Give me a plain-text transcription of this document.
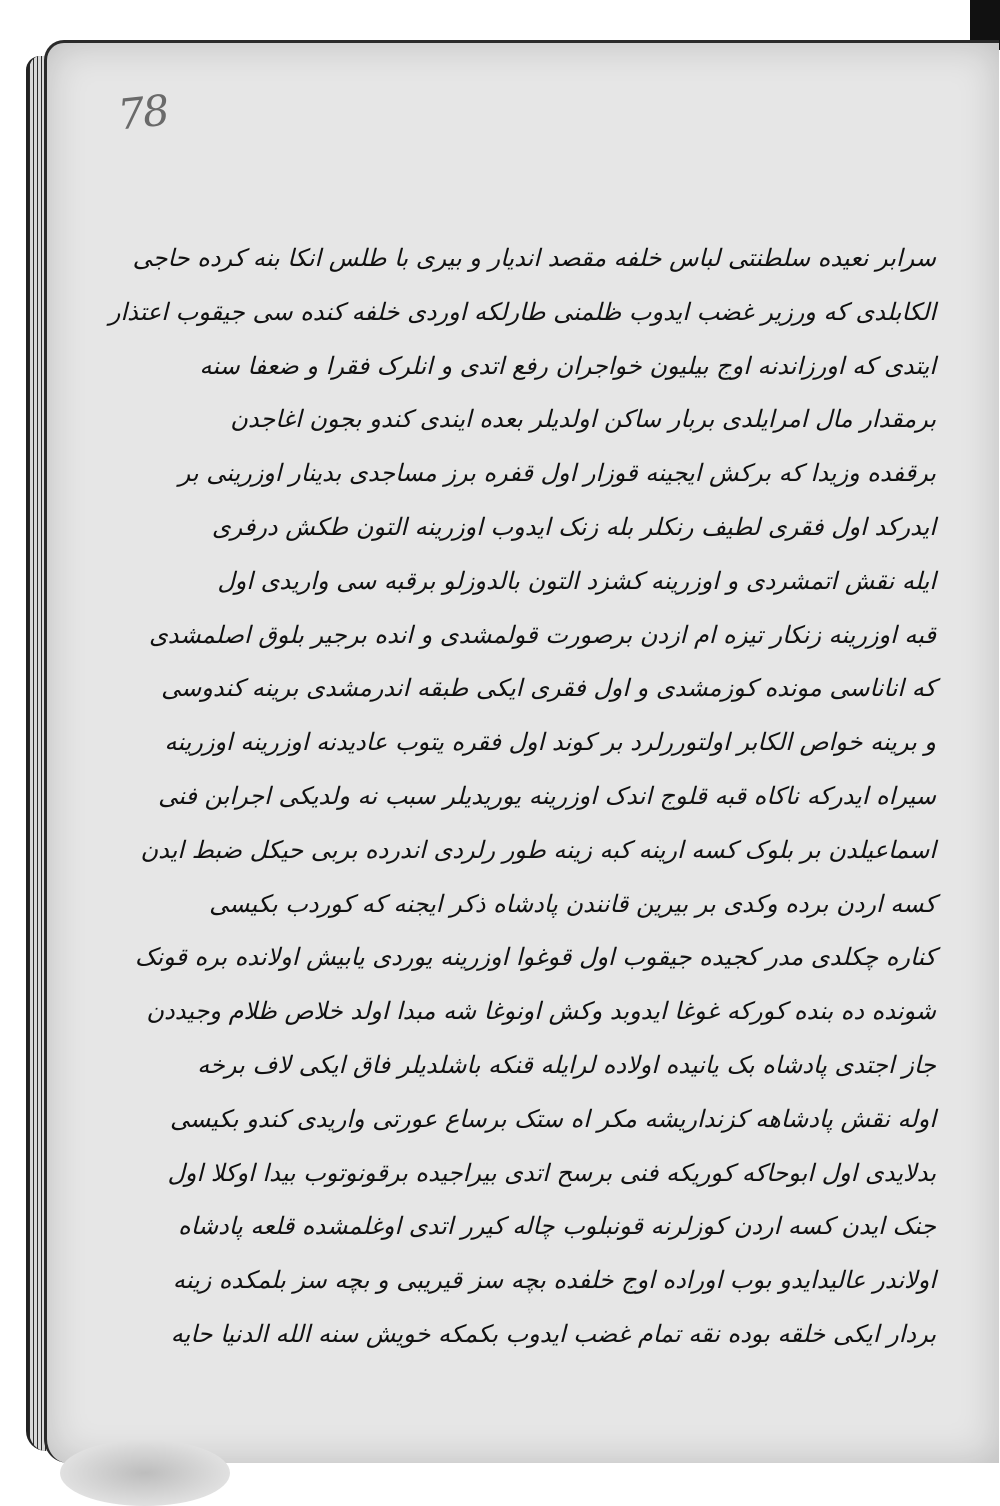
78
سرابر نعیده سلطنتی لباس خلفه مقصد اندیار و بیری با طلس انکا بنه کرده حاجی
الکابلدی که ورزیر غضب ایدوب ظلمنی طارلکه اوردی خلفه کنده سی جیقوب اعتذار
ایتدی که اورزاندنه اوج بیلیون خواجران رفع اتدی و انلرک فقرا و ضعفا سنه
برمقدار مال امرایلدی بربار ساکن اولدیلر بعده ایندی کندو بجون اغاجدن
برقفده وزیدا که برکش ایجینه قوزار اول قفره برز مساجدی بدینار اوزرینی بر
ایدرکد اول فقری لطیف رنکلر بله زنک ایدوب اوزرینه التون طکش درفری
ایله نقش اتمشردی و اوزرینه کشزد التون بالدوزلو برقبه سی واریدی اول
قبه اوزرینه زنکار تیزه ام ازدن برصورت قولمشدی و انده برجیر بلوق اصلمشدی
که اناناسی مونده کوزمشدی و اول فقری ایکی طبقه اندرمشدی برینه کندوسی
و برینه خواص الکابر اولتوررلرد بر کوند اول فقره یتوب عادیدنه اوزرینه اوزرینه
سیراه ایدرکه ناکاه قبه قلوج اندک اوزرینه یوریدیلر سبب نه ولدیکی اجرابن فنی
اسماعیلدن بر بلوک کسه ارینه کبه زینه طور رلردی اندرده بربی حیکل ضبط ایدن
کسه اردن برده وکدی بر بیرین قانندن پادشاه ذکر ایجنه که کوردب بکیسی
کناره چکلدی مدر کجیده جیقوب اول قوغوا اوزرینه یوردی یابیش اولانده بره قونک
شونده ده بنده کورکه غوغا ایدوبد وکش اونوغا شه مبدا اولد خلاص ظلام وجیددن
جاز اجتدی پادشاه بک یانیده اولاده لرایله قنکه باشلدیلر فاق ایکی لاف برخه
اوله نقش پادشاهه کزنداریشه مکر اه ستک برساع عورتی واریدی کندو بکیسی
بدلایدی اول ابوحاکه کوریکه فنی برسح اتدی بیراجیده برقونوتوب بیدا اوکلا اول
جنک ایدن کسه اردن کوزلرنه قونبلوب چاله کیرر اتدی اوغلمشده قلعه پادشاه
اولاندر عالیدایدو بوب اوراده اوج خلفده بچه سز قیریبی و بچه سز بلمکده زینه
بردار ایکی خلقه بوده نقه تمام غضب ایدوب بکمکه خویش سنه الله الدنیا حایه
